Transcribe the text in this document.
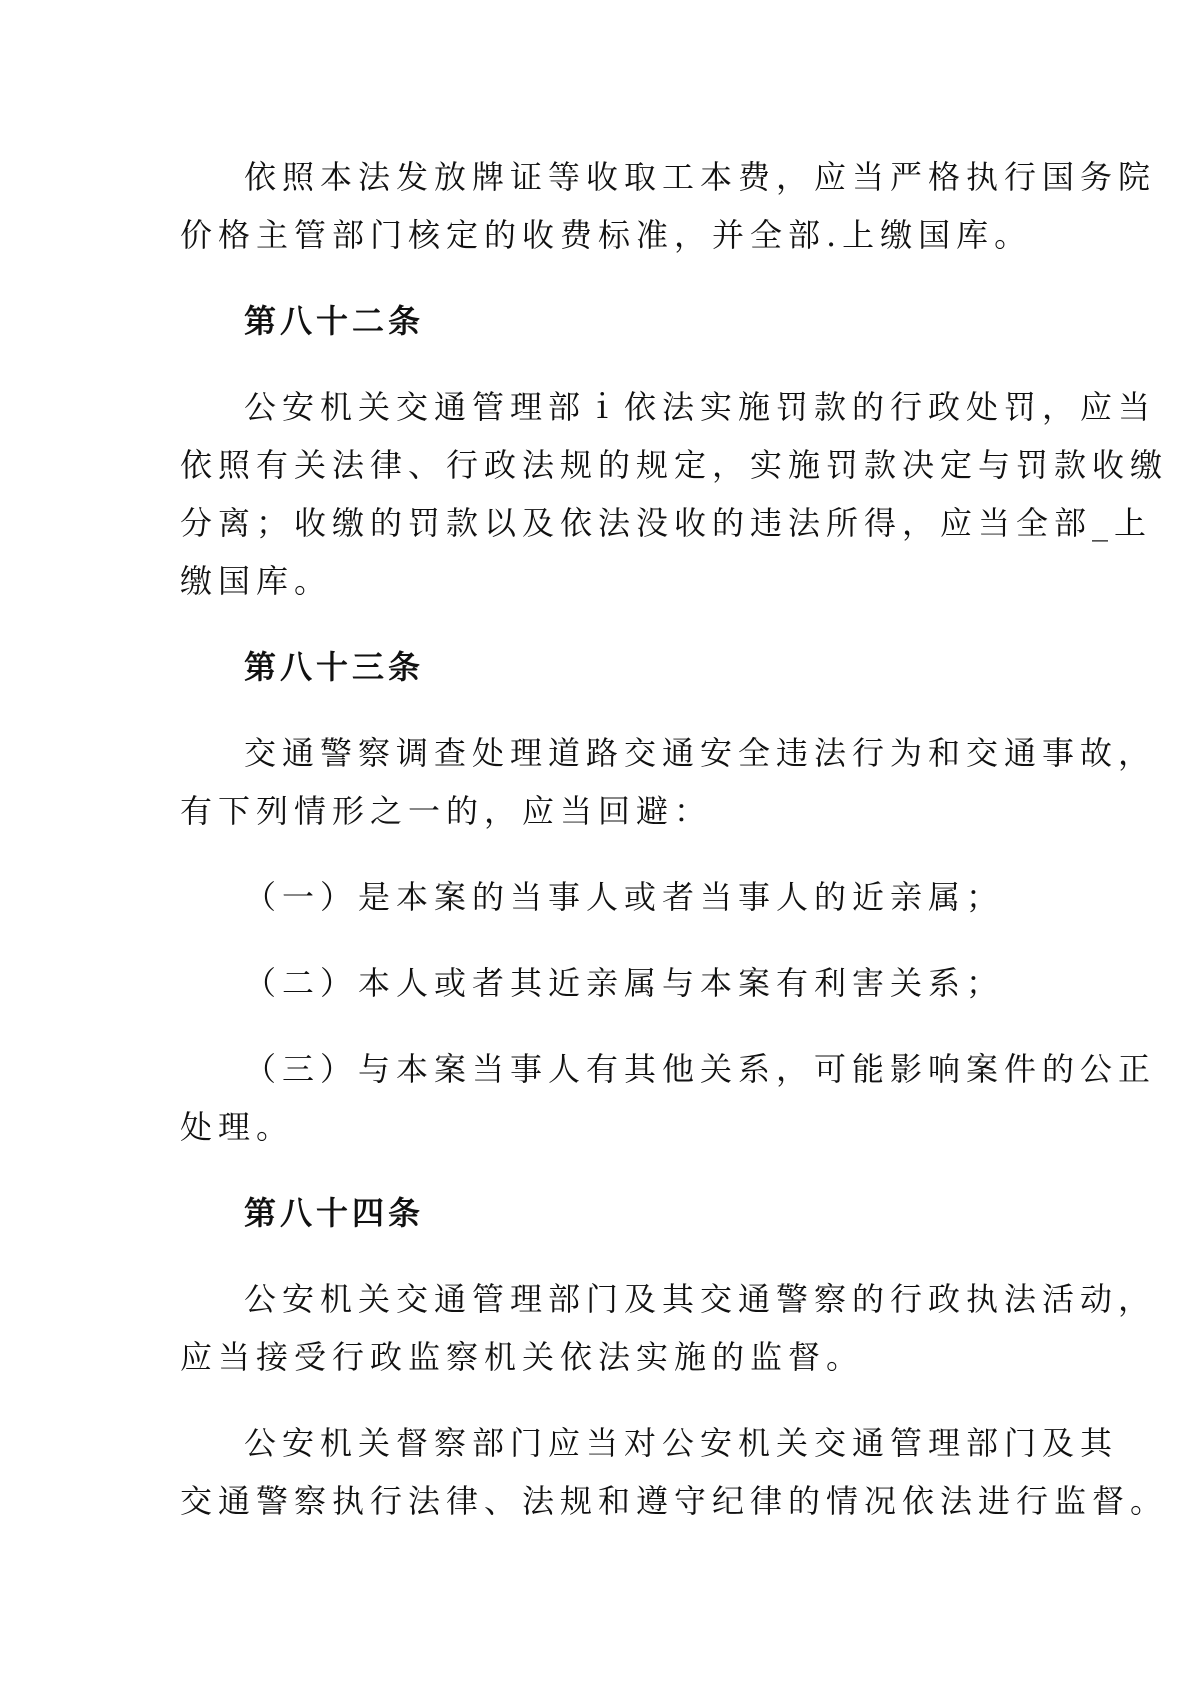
依照本法发放牌证等收取工本费，应当严格执行国务院
价格主管部门核定的收费标准，并全部.上缴国库。
第八十二条
公安机关交通管理部ｉ依法实施罚款的行政处罚，应当
依照有关法律、行政法规的规定，实施罚款决定与罚款收缴
分离；收缴的罚款以及依法没收的违法所得，应当全部_上
缴国库。
第八十三条
交通警察调查处理道路交通安全违法行为和交通事故，
有下列情形之一的，应当回避：
（一）是本案的当事人或者当事人的近亲属；
（二）本人或者其近亲属与本案有利害关系；
（三）与本案当事人有其他关系，可能影响案件的公正
处理。
第八十四条
公安机关交通管理部门及其交通警察的行政执法活动，
应当接受行政监察机关依法实施的监督。
公安机关督察部门应当对公安机关交通管理部门及其
交通警察执行法律、法规和遵守纪律的情况依法进行监督。
